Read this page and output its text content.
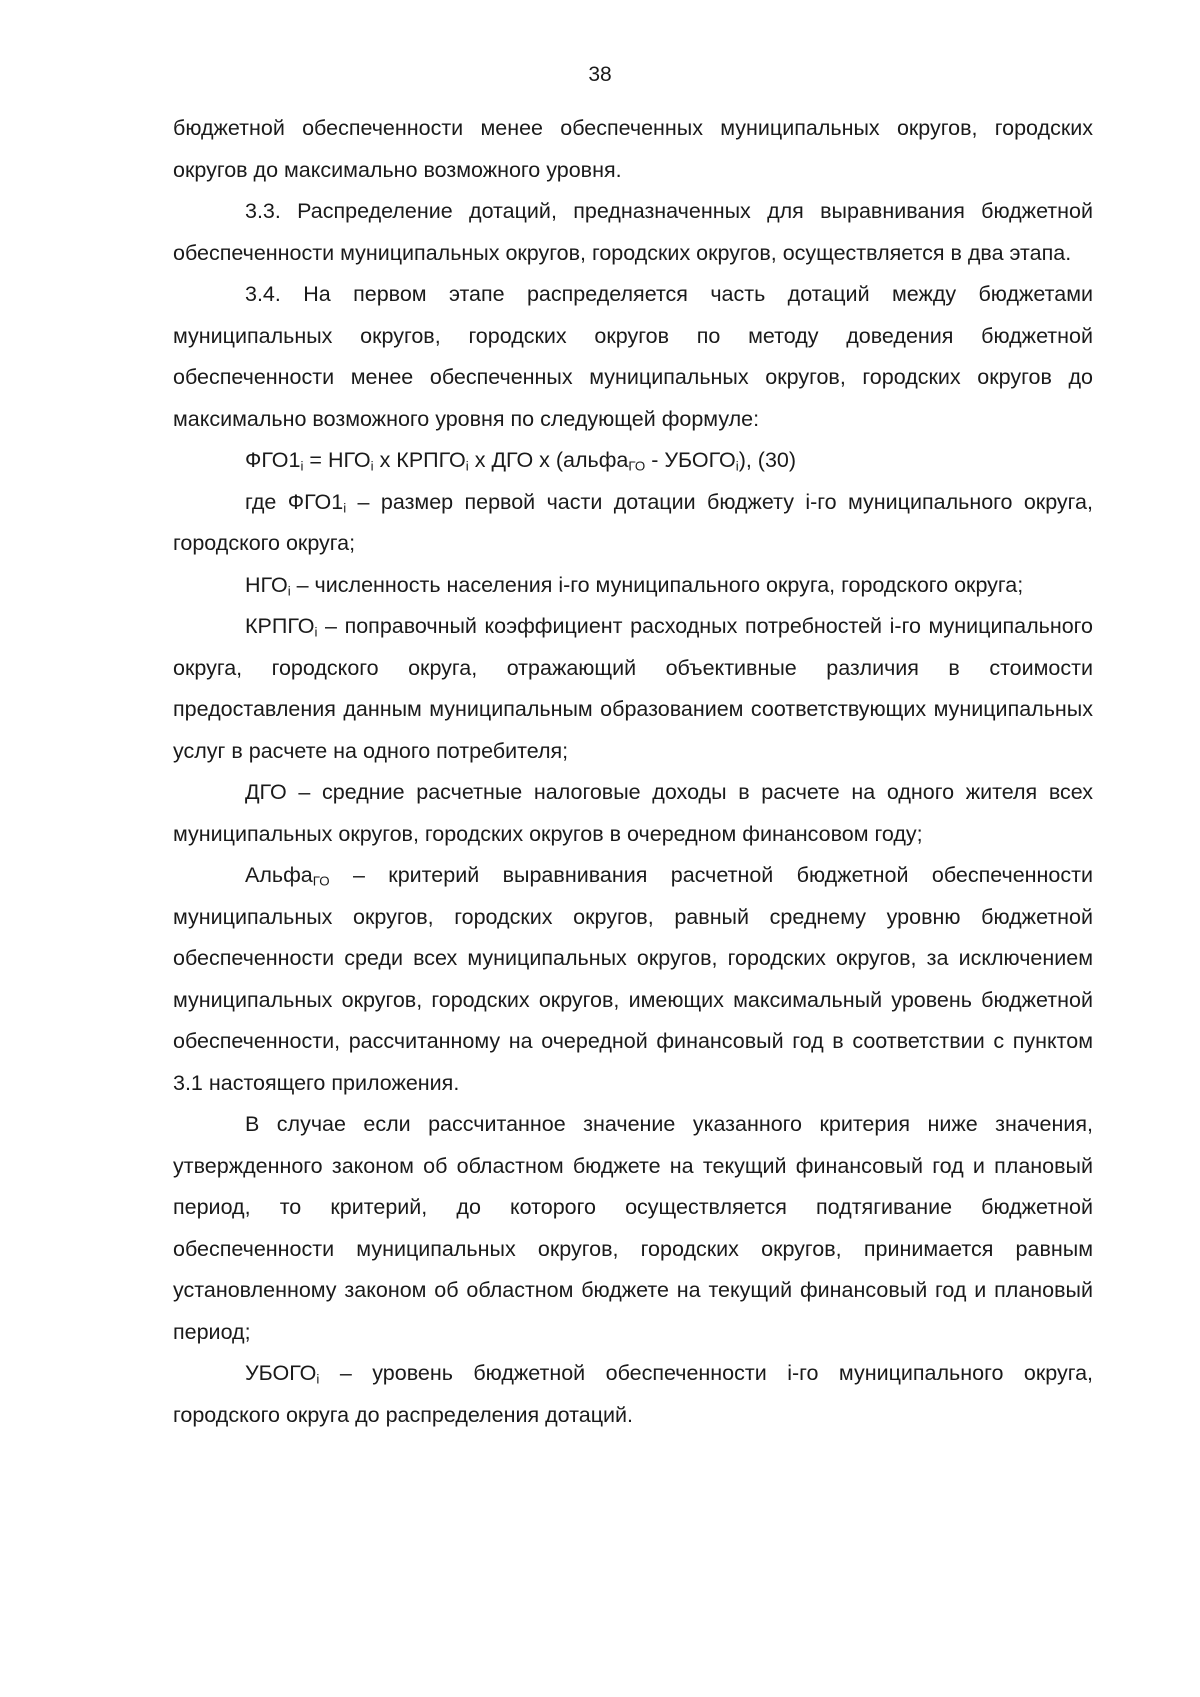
38

бюджетной обеспеченности менее обеспеченных муниципальных округов, городских округов до максимально возможного уровня.

3.3. Распределение дотаций, предназначенных для выравнивания бюджетной обеспеченности муниципальных округов, городских округов, осуществляется в два этапа.

3.4. На первом этапе распределяется часть дотаций между бюджетами муниципальных округов, городских округов по методу доведения бюджетной обеспеченности менее обеспеченных муниципальных округов, городских округов до максимально возможного уровня по следующей формуле:

$ФГО1_i = НГО_i$ x $КРПГО_i$ x ДГО x (альфа$_{ГО}$ - $УБОГО_i$), (30)

где $ФГО1_i$ – размер первой части дотации бюджету i-го муниципального округа, городского округа;

$НГО_i$ – численность населения i-го муниципального округа, городского округа;

$КРПГО_i$ – поправочный коэффициент расходных потребностей i-го муниципального округа, городского округа, отражающий объективные различия в стоимости предоставления данным муниципальным образованием соответствующих муниципальных услуг в расчете на одного потребителя;

ДГО – средние расчетные налоговые доходы в расчете на одного жителя всех муниципальных округов, городских округов в очередном финансовом году;

Альфа$_{ГО}$ – критерий выравнивания расчетной бюджетной обеспеченности муниципальных округов, городских округов, равный среднему уровню бюджетной обеспеченности среди всех муниципальных округов, городских округов, за исключением муниципальных округов, городских округов, имеющих максимальный уровень бюджетной обеспеченности, рассчитанному на очередной финансовый год в соответствии с пунктом 3.1 настоящего приложения.

В случае если рассчитанное значение указанного критерия ниже значения, утвержденного законом об областном бюджете на текущий финансовый год и плановый период, то критерий, до которого осуществляется подтягивание бюджетной обеспеченности муниципальных округов, городских округов, принимается равным установленному законом об областном бюджете на текущий финансовый год и плановый период;

$УБОГО_i$ – уровень бюджетной обеспеченности i-го муниципального округа, городского округа до распределения дотаций.
